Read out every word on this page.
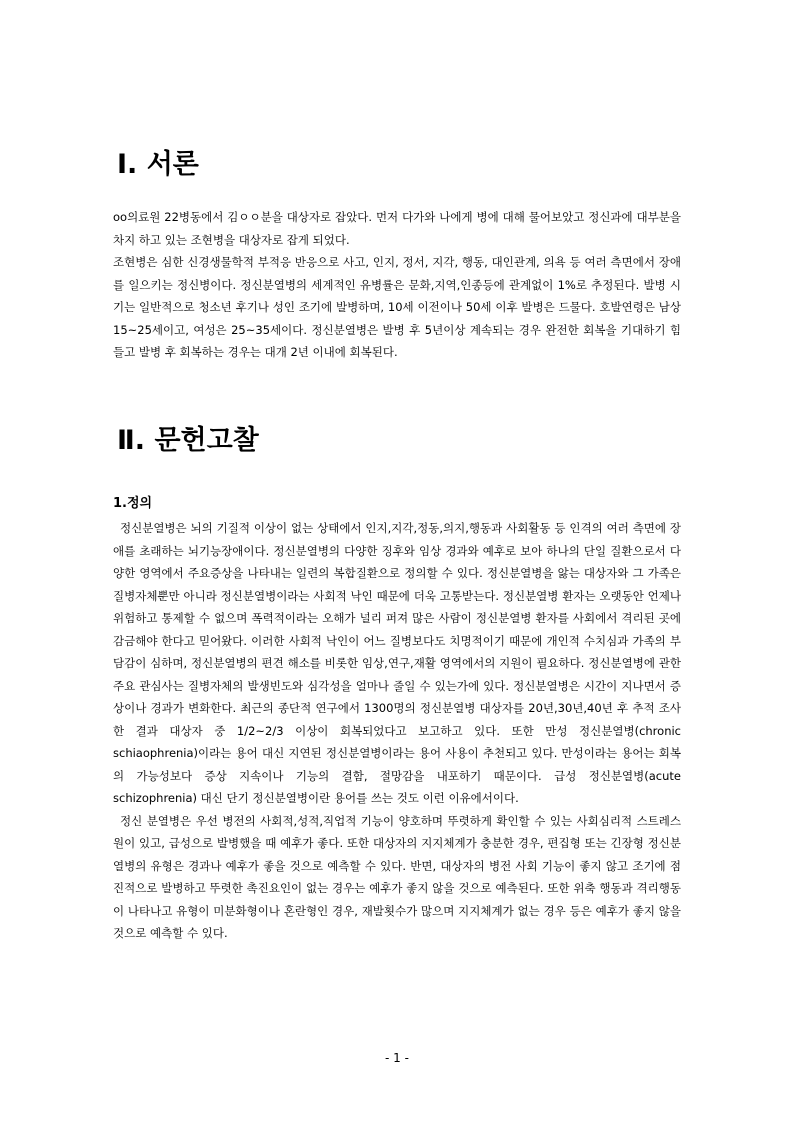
Ⅰ. 서론

oo의료원 22병동에서 김ㅇㅇ분을 대상자로 잡았다. 먼저 다가와 나에게 병에 대해 물어보았고 정신과에 대부분을 차지 하고 있는 조현병을 대상자로 잡게 되었다.

조현병은 심한 신경생물학적 부적응 반응으로 사고, 인지, 정서, 지각, 행동, 대인관계, 의욕 등 여러 측면에서 장애를 일으키는 정신병이다. 정신분열병의 세계적인 유병률은 문화,지역,인종등에 관계없이 1%로 추정된다. 발병 시기는 일반적으로 청소년 후기나 성인 조기에 발병하며, 10세 이전이나 50세 이후 발병은 드물다. 호발연령은 남상 15~25세이고, 여성은 25~35세이다. 정신분열병은 발병 후 5년이상 계속되는 경우 완전한 회복을 기대하기 힘들고 발병 후 회복하는 경우는 대개 2년 이내에 회복된다.

Ⅱ. 문헌고찰
1.정의

정신분열병은 뇌의 기질적 이상이 없는 상태에서 인지,지각,정동,의지,행동과 사회활동 등 인격의 여러 측면에 장애를 초래하는 뇌기능장애이다. 정신분열병의 다양한 징후와 임상 경과와 예후로 보아 하나의 단일 질환으로서 다양한 영역에서 주요증상을 나타내는 일련의 복합질환으로 정의할 수 있다. 정신분열병을 앓는 대상자와 그 가족은 질병자체뿐만 아니라 정신분열병이라는 사회적 낙인 때문에 더욱 고통받는다. 정신분열병 환자는 오랫동안 언제나 위험하고 통제할 수 없으며 폭력적이라는 오해가 널리 퍼져 많은 사람이 정신분열병 환자를 사회에서 격리된 곳에 감금해야 한다고 믿어왔다. 이러한 사회적 낙인이 어느 질병보다도 치명적이기 때문에 개인적 수치심과 가족의 부담감이 심하며, 정신분열병의 편견 해소를 비롯한 임상,연구,재활 영역에서의 지원이 필요하다. 정신분열병에 관한 주요 관심사는 질병자체의 발생빈도와 심각성을 얼마나 줄일 수 있는가에 있다. 정신분열병은 시간이 지나면서 증상이나 경과가 변화한다. 최근의 종단적 연구에서 1300명의 정신분열병 대상자를 20년,30년,40년 후 추적 조사한 결과 대상자 중 1/2~2/3 이상이 회복되었다고 보고하고 있다. 또한 만성 정신분열병(chronic schiaophrenia)이라는 용어 대신 지연된 정신분열병이라는 용어 사용이 추천되고 있다. 만성이라는 용어는 회복의 가능성보다 증상 지속이나 기능의 결함, 절망감을 내포하기 때문이다. 급성 정신분열병(acute schizophrenia) 대신 단기 정신분열병이란 용어를 쓰는 것도 이런 이유에서이다.

정신 분열병은 우선 병전의 사회적,성적,직업적 기능이 양호하며 뚜렷하게 확인할 수 있는 사회심리적 스트레스원이 있고, 급성으로 발병했을 때 예후가 좋다. 또한 대상자의 지지체계가 충분한 경우, 편집형 또는 긴장형 정신분열병의 유형은 경과나 예후가 좋을 것으로 예측할 수 있다. 반면, 대상자의 병전 사회 기능이 좋지 않고 조기에 점진적으로 발병하고 뚜렷한 촉진요인이 없는 경우는 예후가 좋지 않을 것으로 예측된다. 또한 위축 행동과 격리행동이 나타나고 유형이 미분화형이나 혼란형인 경우, 재발횟수가 많으며 지지체계가 없는 경우 등은 예후가 좋지 않을 것으로 예측할 수 있다.

- 1 -
